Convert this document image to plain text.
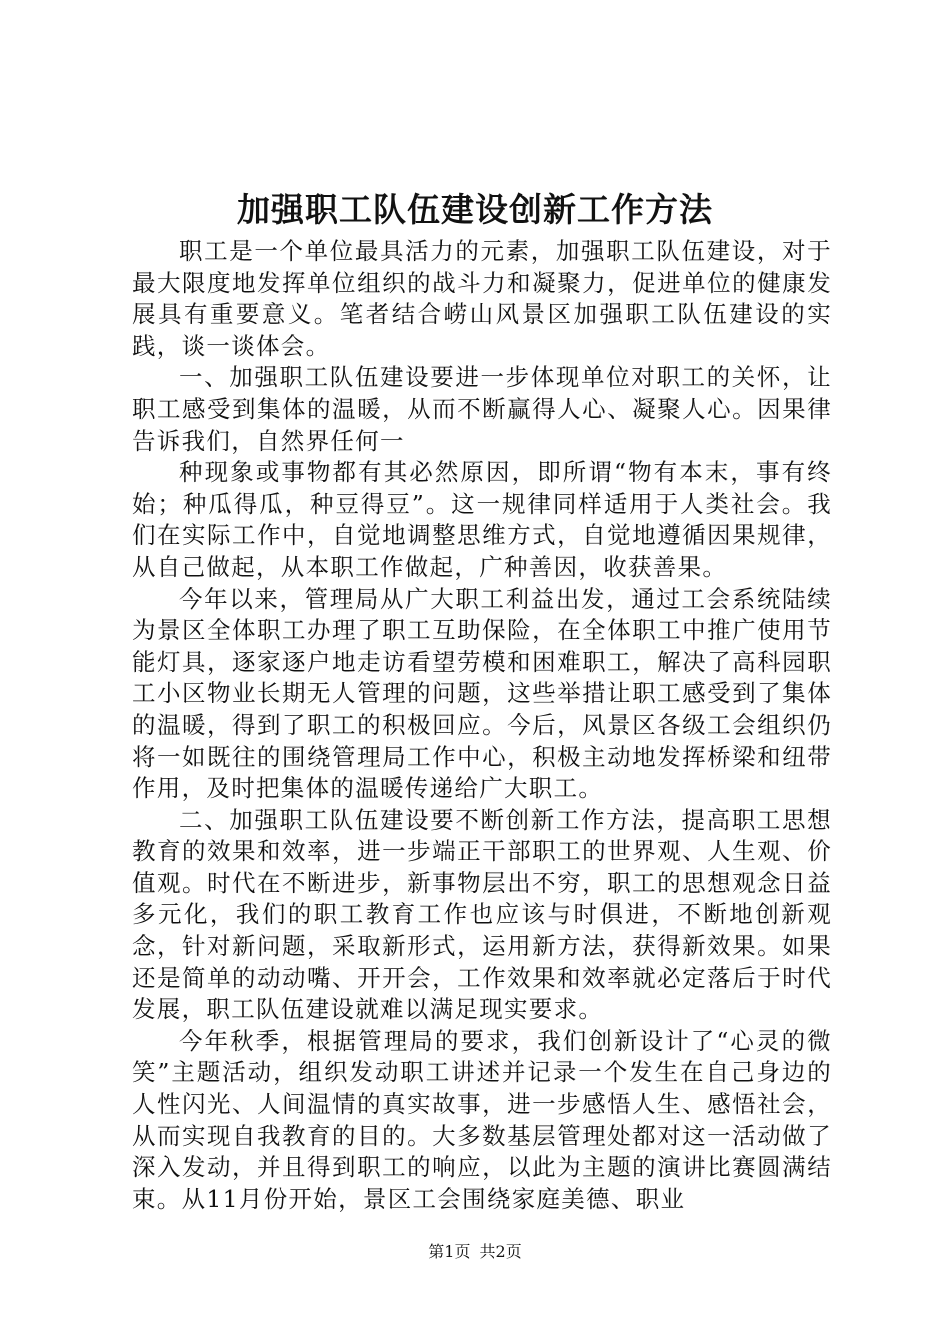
加强职工队伍建设创新工作方法

职工是一个单位最具活力的元素，加强职工队伍建设，对于最大限度地发挥单位组织的战斗力和凝聚力，促进单位的健康发展具有重要意义。笔者结合崂山风景区加强职工队伍建设的实践，谈一谈体会。

一、加强职工队伍建设要进一步体现单位对职工的关怀，让职工感受到集体的温暖，从而不断赢得人心、凝聚人心。因果律告诉我们，自然界任何一

种现象或事物都有其必然原因，即所谓“物有本末，事有终始；种瓜得瓜，种豆得豆”。这一规律同样适用于人类社会。我们在实际工作中，自觉地调整思维方式，自觉地遵循因果规律，从自己做起，从本职工作做起，广种善因，收获善果。

今年以来，管理局从广大职工利益出发，通过工会系统陆续为景区全体职工办理了职工互助保险，在全体职工中推广使用节能灯具，逐家逐户地走访看望劳模和困难职工，解决了高科园职工小区物业长期无人管理的问题，这些举措让职工感受到了集体的温暖，得到了职工的积极回应。今后，风景区各级工会组织仍将一如既往的围绕管理局工作中心，积极主动地发挥桥梁和纽带作用，及时把集体的温暖传递给广大职工。

二、加强职工队伍建设要不断创新工作方法，提高职工思想教育的效果和效率，进一步端正干部职工的世界观、人生观、价值观。时代在不断进步，新事物层出不穷，职工的思想观念日益多元化，我们的职工教育工作也应该与时俱进，不断地创新观念，针对新问题，采取新形式，运用新方法，获得新效果。如果还是简单的动动嘴、开开会，工作效果和效率就必定落后于时代发展，职工队伍建设就难以满足现实要求。

今年秋季，根据管理局的要求，我们创新设计了“心灵的微笑”主题活动，组织发动职工讲述并记录一个发生在自己身边的人性闪光、人间温情的真实故事，进一步感悟人生、感悟社会，从而实现自我教育的目的。大多数基层管理处都对这一活动做了深入发动，并且得到职工的响应，以此为主题的演讲比赛圆满结束。从11月份开始，景区工会围绕家庭美德、职业

第1页 共2页
